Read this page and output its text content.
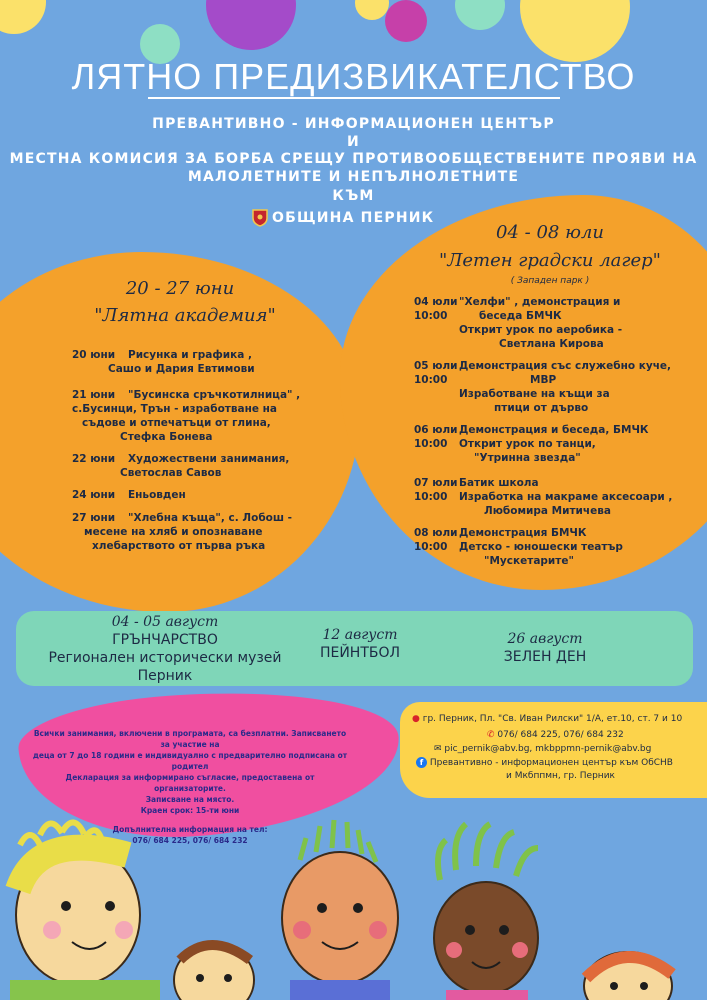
ЛЯТНО ПРЕДИЗВИКАТЕЛСТВО
ПРЕВАНТИВНО - ИНФОРМАЦИОНЕН ЦЕНТЪР
И
МЕСТНА КОМИСИЯ ЗА БОРБА СРЕЩУ ПРОТИВООБЩЕСТВЕНИТЕ ПРОЯВИ НА
МАЛОЛЕТНИТЕ И НЕПЪЛНОЛЕТНИТЕ
КЪМ
ОБЩИНА ПЕРНИК
20 - 27 юни
"Лятна академия"
20 юни Рисунка и графика ,
Сашо и Дария Евтимови
21 юни "Бусинска сръчкотилница" ,
с.Бусинци, Трън - изработване на
съдове и отпечатъци от глина,
Стефка Бонева
22 юни Художествени занимания,
Светослав Савов
24 юни Еньовден
27 юни "Хлебна къща", с. Лобош -
месене на хляб и опознаване
хлебарството от първа ръка
04 - 08 юли
"Летен градски лагер"
( Западен парк )
04 юли"Хелфи" , демонстрация и
10:00	беседа БМЧК
Открит урок по аеробика -
Светлана Кирова
05 юлиДемонстрация със служебно куче,
10:00	МВР
Изработване на къщи за
птици от дърво
06 юлиДемонстрация и беседа, БМЧК
10:00 Открит урок по танци,
"Утринна звезда"
07 юлиБатик школа
10:00 Изработка на макраме аксесоари ,
Любомира Митичева
08 юлиДемонстрация БМЧК
10:00 Детско - юношески театър
"Мускетарите"
04 - 05 август
ГРЪНЧАРСТВО
Регионален исторически музей
Перник
12 август
ПЕЙНТБОЛ
26 август
ЗЕЛЕН ДЕН
Всички занимания, включени в програмата, са безплатни. Записването за участие на
деца от 7 до 18 години е индивидуално с предварително подписана от родител
Декларация за информирано съгласие, предоставена от организаторите.
Записване на място.
Краен срок: 15-ти юни
Допълнителна информация на тел:
076/ 684 225, 076/ 684 232
● гр. Перник, Пл. "Св. Иван Рилски" 1/А, ет.10, ст. 7 и 10
✆ 076/ 684 225, 076/ 684 232
✉ pic_pernik@abv.bg, mkbppmn-pernik@abv.bg
f Превантивно - информационен център към ОбСНВ
и Мкбппмн, гр. Перник
